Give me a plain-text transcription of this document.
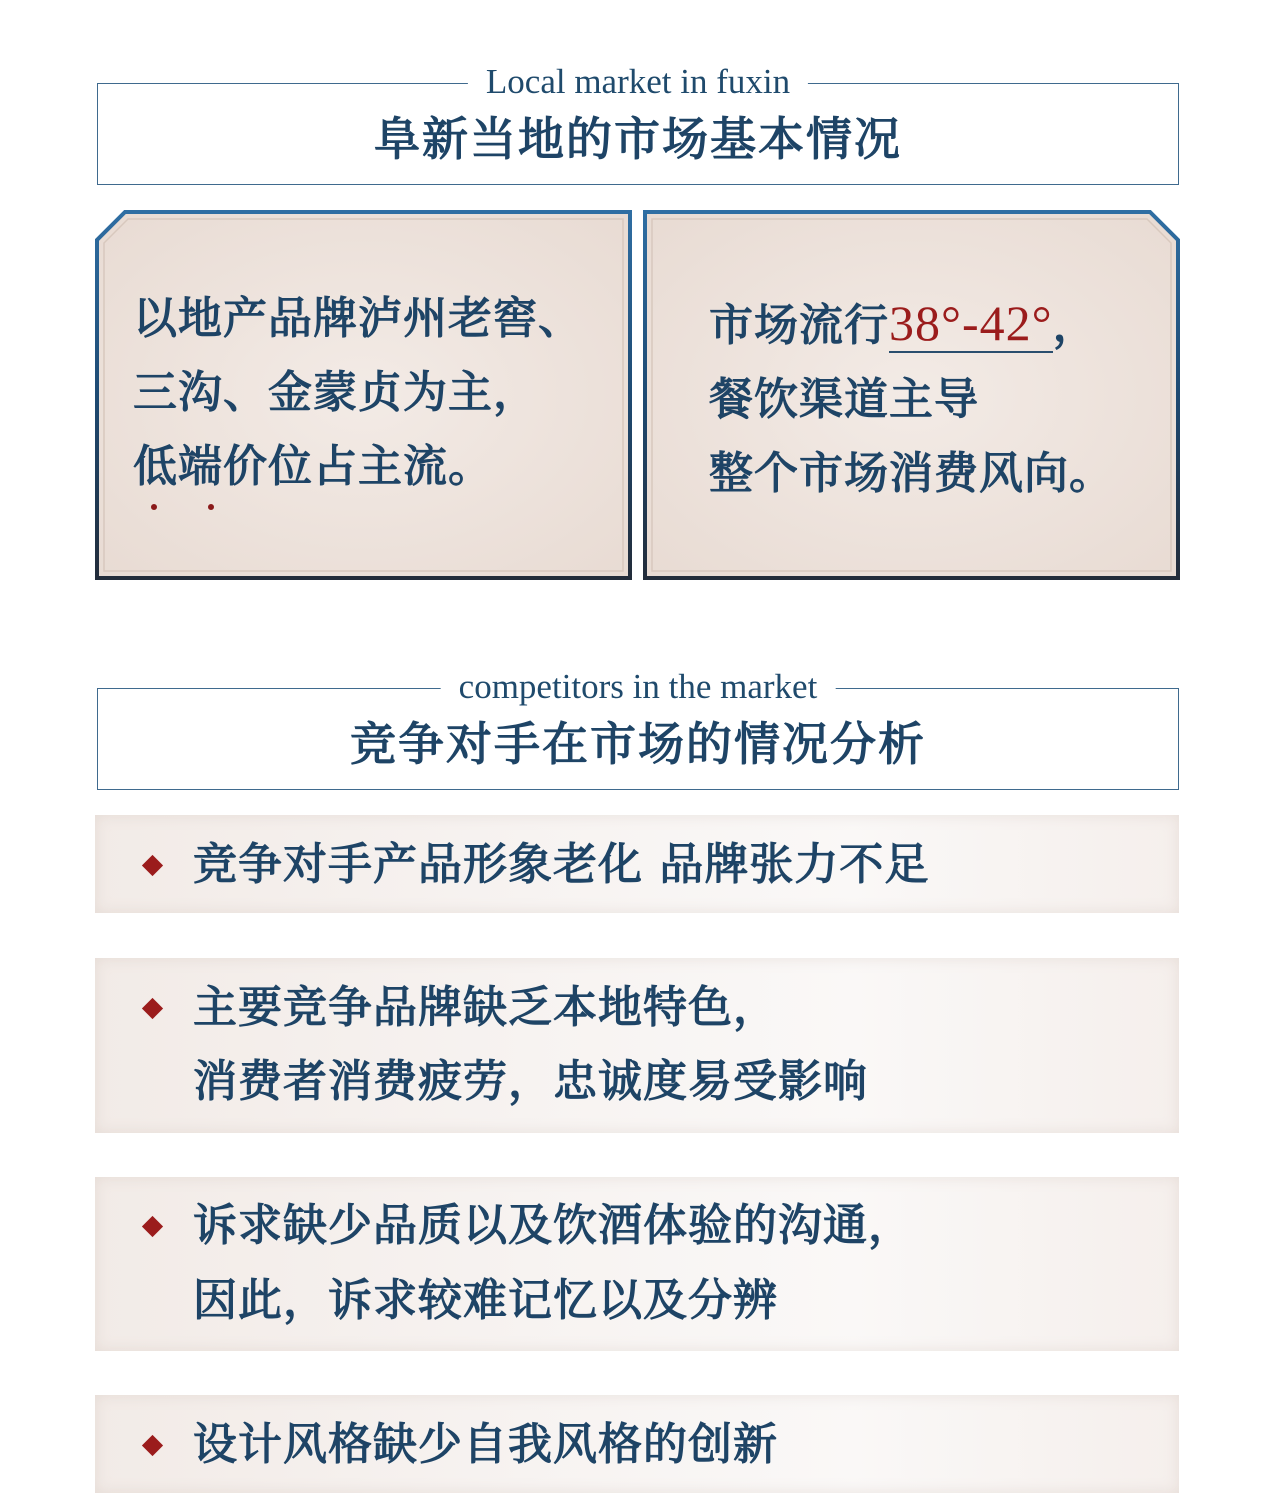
Local market in fuxin
阜新当地的市场基本情况
以地产品牌泸州老窖、
三沟、金蒙贞为主，
低端价位占主流。
市场流行38°-42°，
餐饮渠道主导
整个市场消费风向。
competitors in the market
竞争对手在市场的情况分析
竞争对手产品形象老化 品牌张力不足
主要竞争品牌缺乏本地特色，
消费者消费疲劳，忠诚度易受影响
诉求缺少品质以及饮酒体验的沟通，
因此，诉求较难记忆以及分辨
设计风格缺少自我风格的创新
